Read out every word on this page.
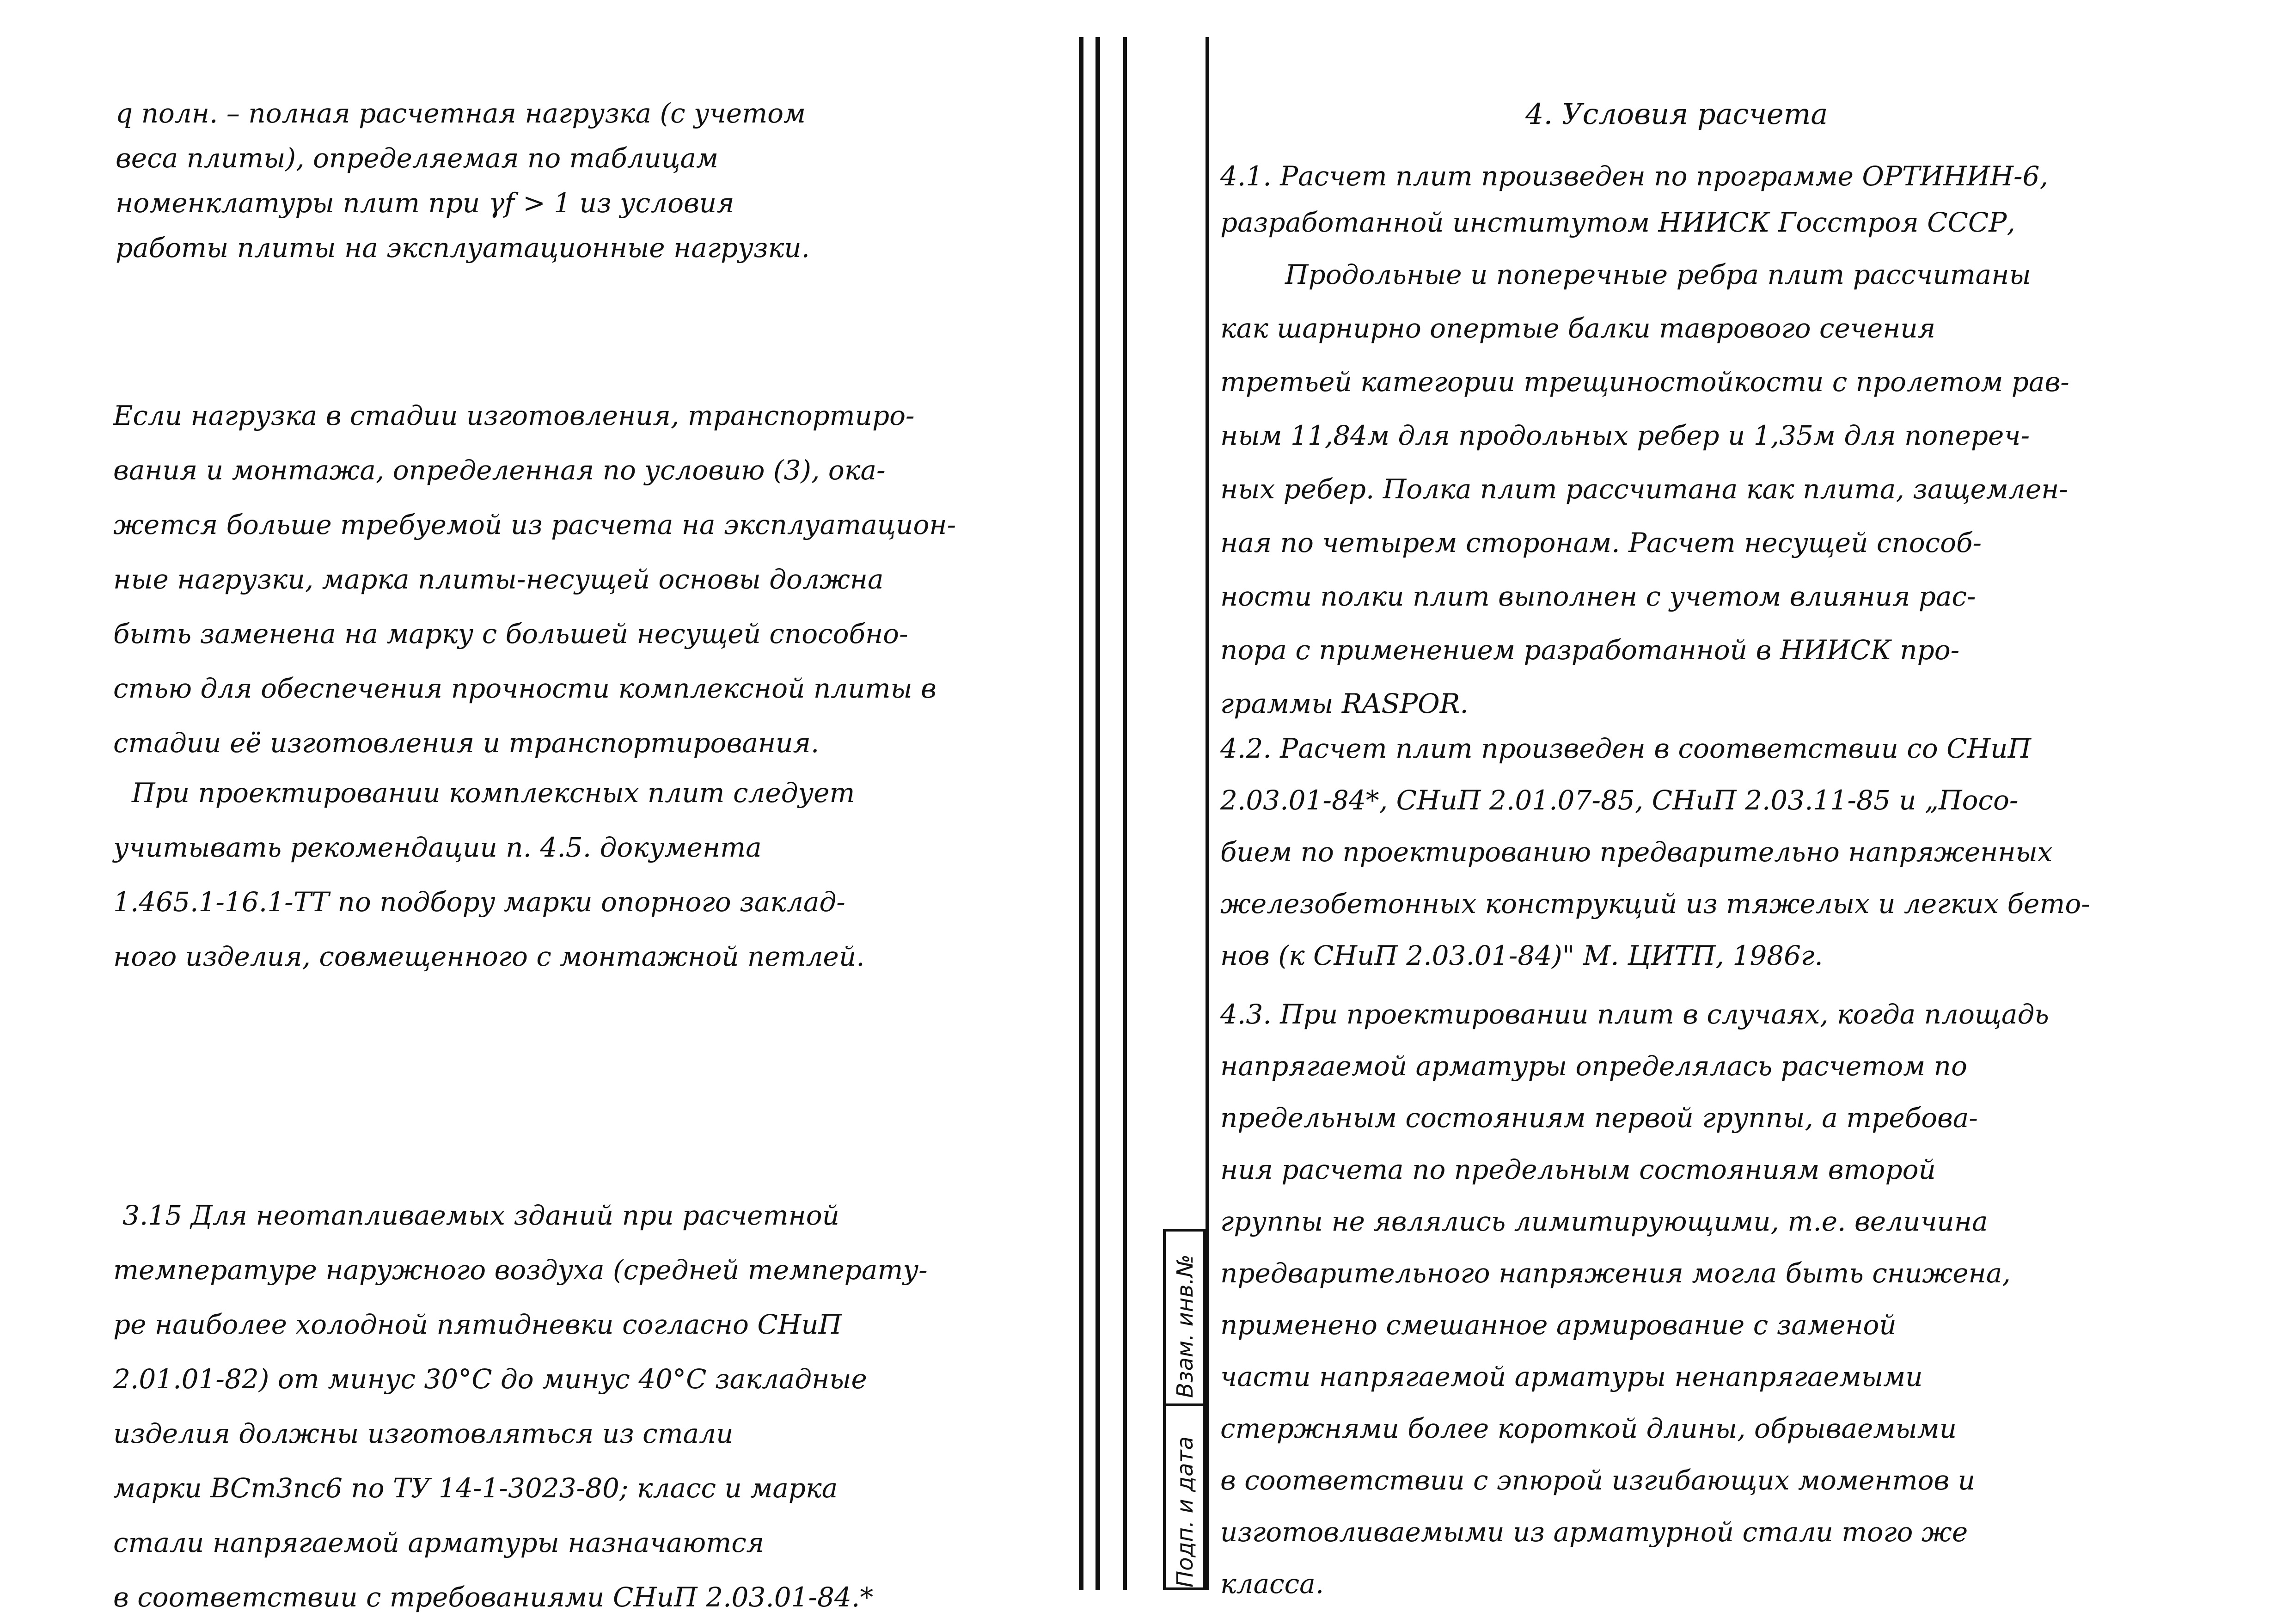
q полн. – полная расчетная нагрузка (с учетом
веса плиты), определяемая по таблицам
номенклатуры плит при γf > 1 из условия
работы плиты на эксплуатационные нагрузки.
Если нагрузка в стадии изготовления, транспортиро-
вания и монтажа, определенная по условию (3), ока-
жется больше требуемой из расчета на эксплуатацион-
ные нагрузки, марка плиты-несущей основы должна
быть заменена на марку с большей несущей способно-
стью для обеспечения прочности комплексной плиты в
стадии её изготовления и транспортирования.
При проектировании комплексных плит следует
учитывать рекомендации п. 4.5. документа
1.465.1-16.1-ТТ по подбору марки опорного заклад-
ного изделия, совмещенного с монтажной петлей.
3.15 Для неотапливаемых зданий при расчетной
температуре наружного воздуха (средней температу-
ре наиболее холодной пятидневки согласно СНиП
2.01.01-82) от минус 30°С до минус 40°С закладные
изделия должны изготовляться из стали
марки ВСт3пс6 по ТУ 14-1-3023-80; класс и марка
стали напрягаемой арматуры назначаются
в соответствии с требованиями СНиП 2.03.01-84.*
Взам. инв.№
Подп. и дата
4. Условия расчета
4.1. Расчет плит произведен по программе ОРТИНИН-6,
разработанной институтом НИИСК Госстроя СССР,
Продольные и поперечные ребра плит рассчитаны
как шарнирно опертые балки таврового сечения
третьей категории трещиностойкости с пролетом рав-
ным 11,84м для продольных ребер и 1,35м для попереч-
ных ребер. Полка плит рассчитана как плита, защемлен-
ная по четырем сторонам. Расчет несущей способ-
ности полки плит выполнен с учетом влияния рас-
пора с применением разработанной в НИИСК про-
граммы RASPOR.
4.2. Расчет плит произведен в соответствии со СНиП
2.03.01-84*, СНиП 2.01.07-85, СНиП 2.03.11-85 и „Посо-
бием по проектированию предварительно напряженных
железобетонных конструкций из тяжелых и легких бето-
нов (к СНиП 2.03.01-84)" М. ЦИТП, 1986г.
4.3. При проектировании плит в случаях, когда площадь
напрягаемой арматуры определялась расчетом по
предельным состояниям первой группы, а требова-
ния расчета по предельным состояниям второй
группы не являлись лимитирующими, т.е. величина
предварительного напряжения могла быть снижена,
применено смешанное армирование с заменой
части напрягаемой арматуры ненапрягаемыми
стержнями более короткой длины, обрываемыми
в соответствии с эпюрой изгибающих моментов и
изготовливаемыми из арматурной стали того же
класса.
